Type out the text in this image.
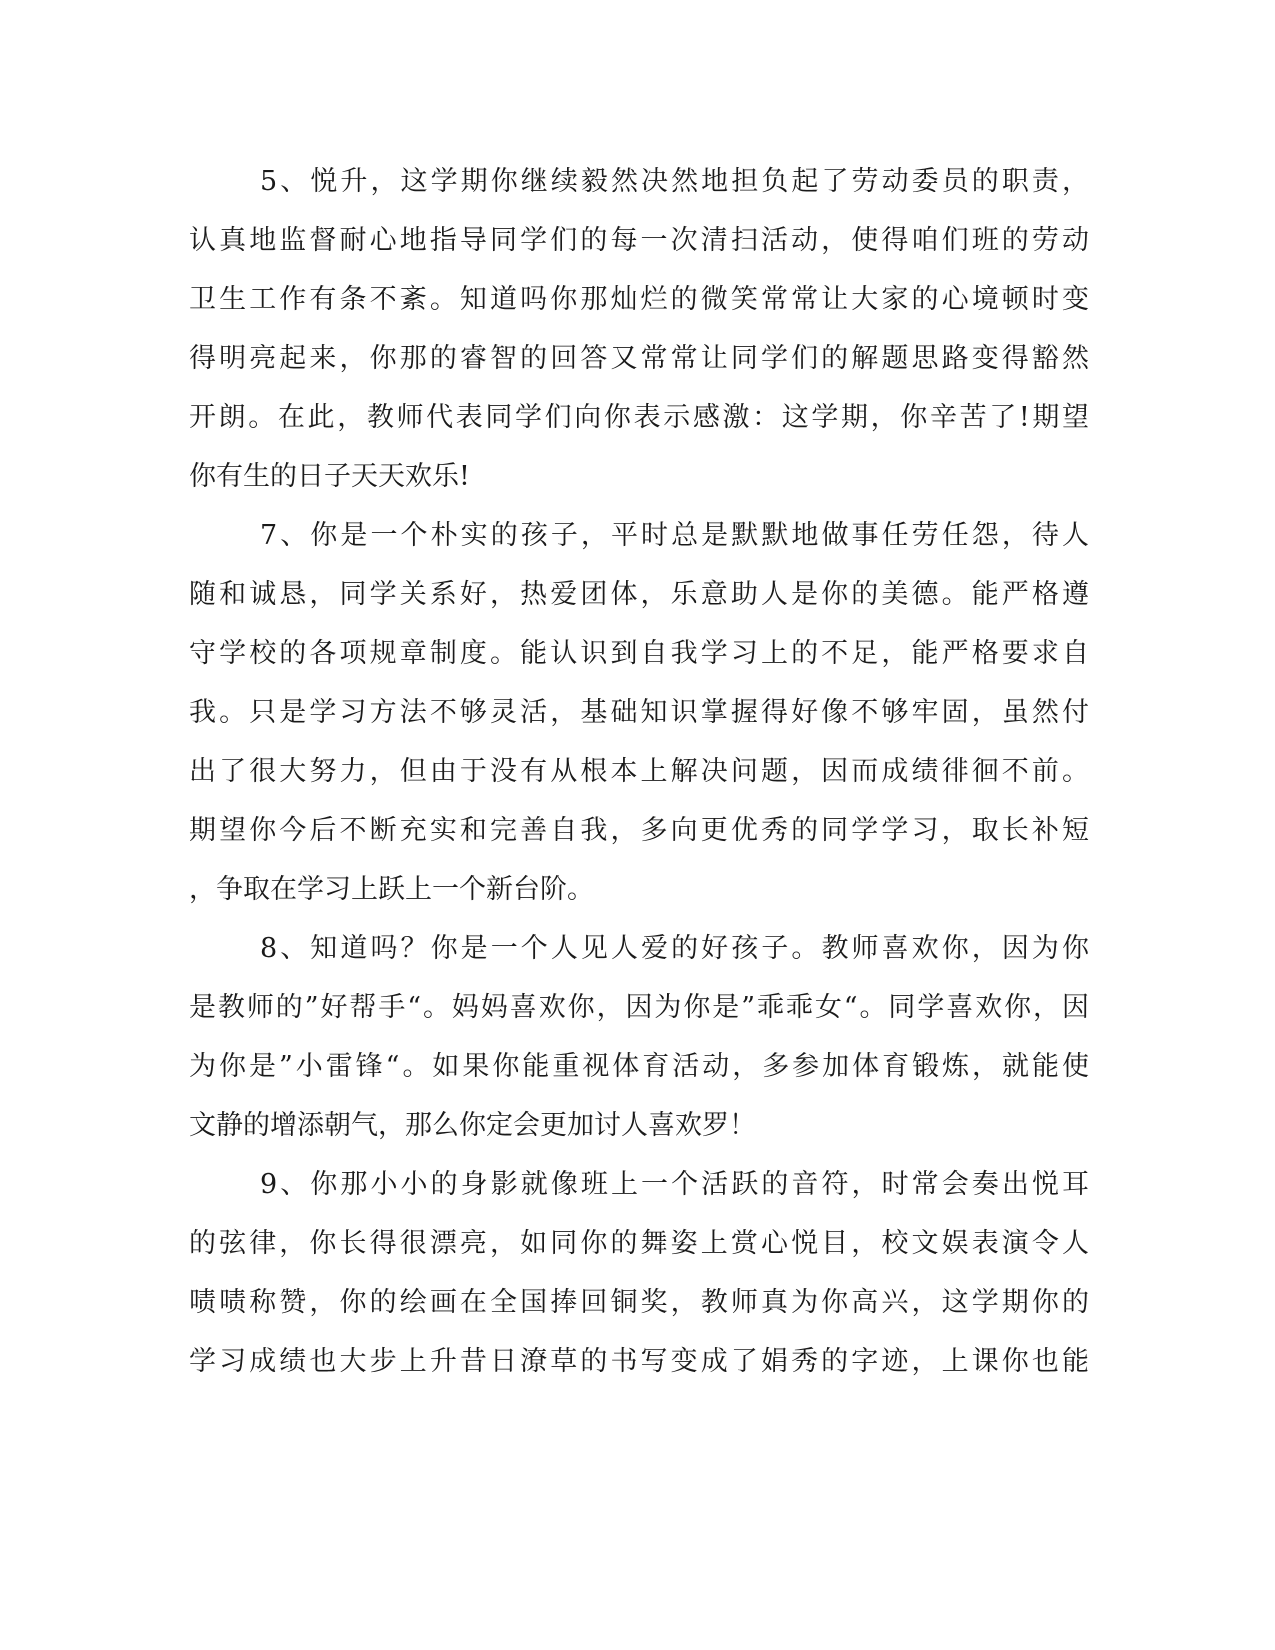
5、悦升，这学期你继续毅然决然地担负起了劳动委员的职责，
认真地监督耐心地指导同学们的每一次清扫活动，使得咱们班的劳动
卫生工作有条不紊。知道吗你那灿烂的微笑常常让大家的心境顿时变
得明亮起来，你那的睿智的回答又常常让同学们的解题思路变得豁然
开朗。在此，教师代表同学们向你表示感激：这学期，你辛苦了!期望
你有生的日子天天欢乐!
7、你是一个朴实的孩子，平时总是默默地做事任劳任怨，待人
随和诚恳，同学关系好，热爱团体，乐意助人是你的美德。能严格遵
守学校的各项规章制度。能认识到自我学习上的不足，能严格要求自
我。只是学习方法不够灵活，基础知识掌握得好像不够牢固，虽然付
出了很大努力，但由于没有从根本上解决问题，因而成绩徘徊不前。
期望你今后不断充实和完善自我，多向更优秀的同学学习，取长补短
，争取在学习上跃上一个新台阶。
8、知道吗？你是一个人见人爱的好孩子。教师喜欢你，因为你
是教师的”好帮手“。妈妈喜欢你，因为你是”乖乖女“。同学喜欢你，因
为你是”小雷锋“。如果你能重视体育活动，多参加体育锻炼，就能使
文静的增添朝气，那么你定会更加讨人喜欢罗！
9、你那小小的身影就像班上一个活跃的音符，时常会奏出悦耳
的弦律，你长得很漂亮，如同你的舞姿上赏心悦目，校文娱表演令人
啧啧称赞，你的绘画在全国捧回铜奖，教师真为你高兴，这学期你的
学习成绩也大步上升昔日潦草的书写变成了娟秀的字迹，上课你也能
